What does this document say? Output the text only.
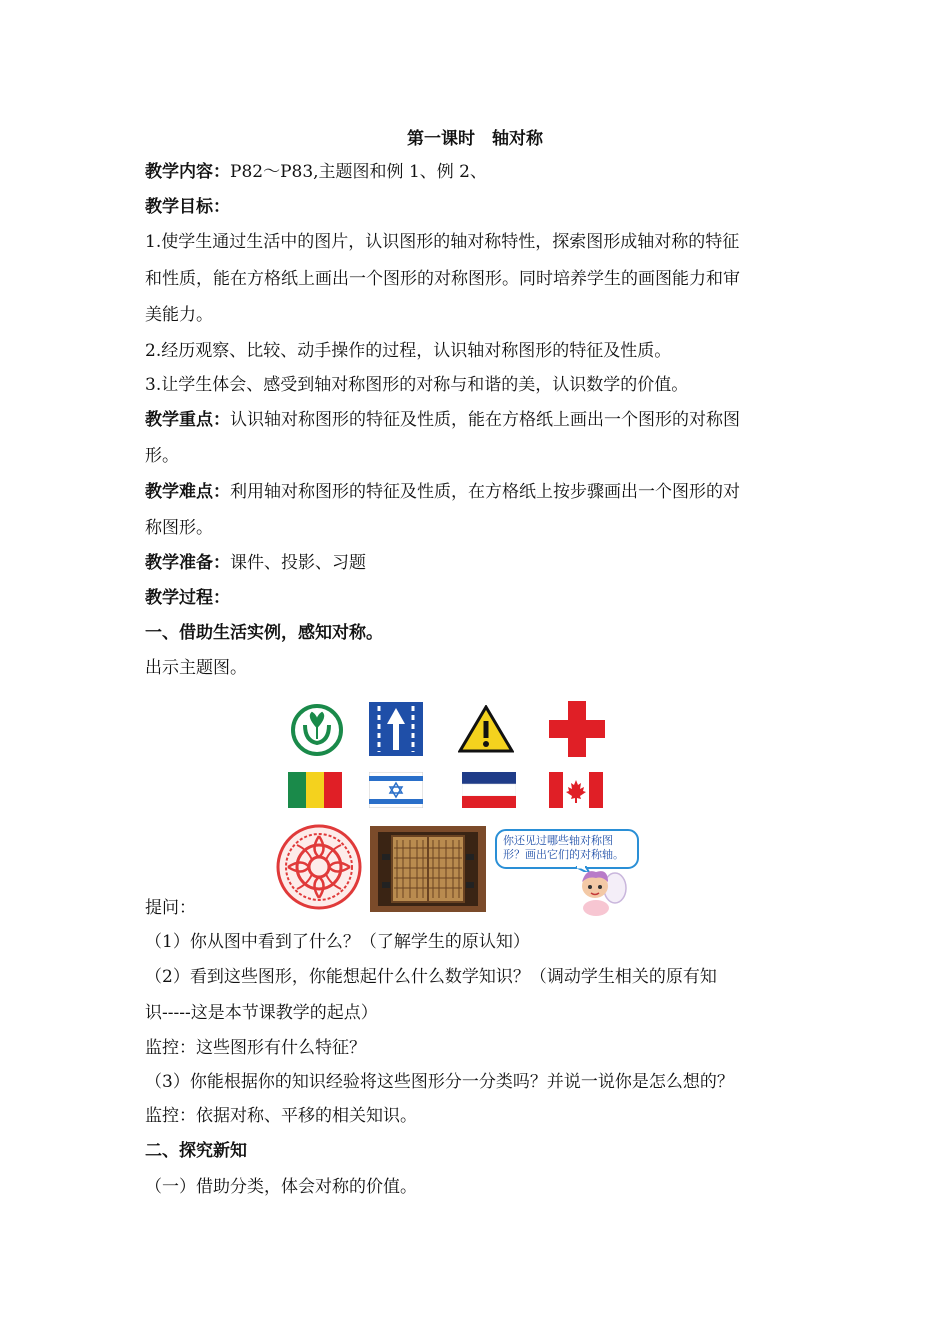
第一课时　轴对称
教学内容：P82～P83,主题图和例 1、例 2、
教学目标：
1.使学生通过生活中的图片，认识图形的轴对称特性，探索图形成轴对称的特征
和性质，能在方格纸上画出一个图形的对称图形。同时培养学生的画图能力和审
美能力。
2.经历观察、比较、动手操作的过程，认识轴对称图形的特征及性质。
3.让学生体会、感受到轴对称图形的对称与和谐的美，认识数学的价值。
教学重点：认识轴对称图形的特征及性质，能在方格纸上画出一个图形的对称图
形。
教学难点：利用轴对称图形的特征及性质，在方格纸上按步骤画出一个图形的对
称图形。
教学准备：课件、投影、习题
教学过程：
一、借助生活实例，感知对称。
出示主题图。
你还见过哪些轴对称图
形？画出它们的对称轴。
提问：
（1）你从图中看到了什么？（了解学生的原认知）
（2）看到这些图形，你能想起什么什么数学知识？（调动学生相关的原有知
识-----这是本节课教学的起点）
监控：这些图形有什么特征？
（3）你能根据你的知识经验将这些图形分一分类吗？并说一说你是怎么想的？
监控：依据对称、平移的相关知识。
二、探究新知
（一）借助分类，体会对称的价值。
